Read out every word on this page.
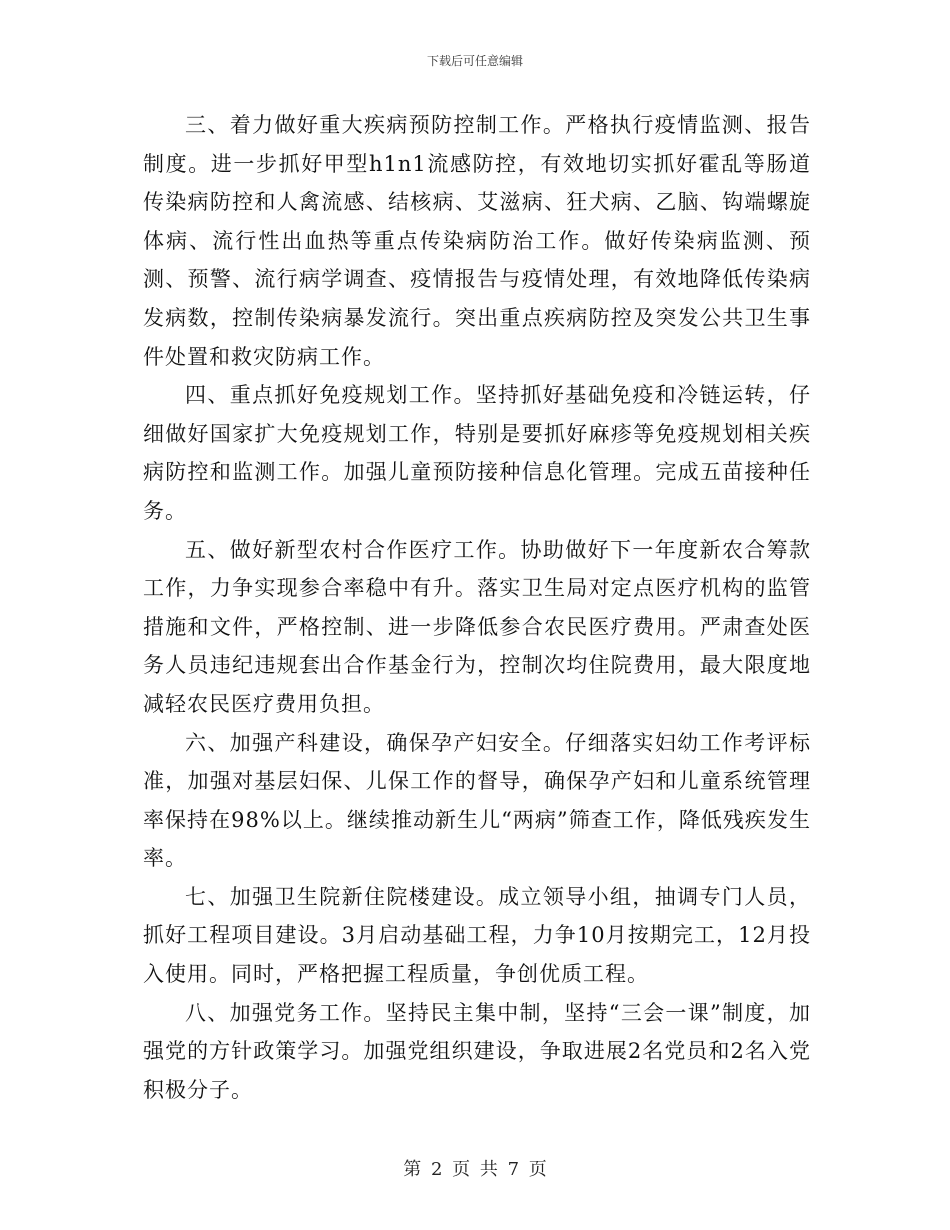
下载后可任意编辑

三、着力做好重大疾病预防控制工作。严格执行疫情监测、报告制度。进一步抓好甲型h1n1流感防控，有效地切实抓好霍乱等肠道传染病防控和人禽流感、结核病、艾滋病、狂犬病、乙脑、钩端螺旋体病、流行性出血热等重点传染病防治工作。做好传染病监测、预测、预警、流行病学调查、疫情报告与疫情处理，有效地降低传染病发病数，控制传染病暴发流行。突出重点疾病防控及突发公共卫生事件处置和救灾防病工作。

四、重点抓好免疫规划工作。坚持抓好基础免疫和冷链运转，仔细做好国家扩大免疫规划工作，特别是要抓好麻疹等免疫规划相关疾病防控和监测工作。加强儿童预防接种信息化管理。完成五苗接种任务。

五、做好新型农村合作医疗工作。协助做好下一年度新农合筹款工作，力争实现参合率稳中有升。落实卫生局对定点医疗机构的监管措施和文件，严格控制、进一步降低参合农民医疗费用。严肃查处医务人员违纪违规套出合作基金行为，控制次均住院费用，最大限度地减轻农民医疗费用负担。

六、加强产科建设，确保孕产妇安全。仔细落实妇幼工作考评标准，加强对基层妇保、儿保工作的督导，确保孕产妇和儿童系统管理率保持在98%以上。继续推动新生儿“两病”筛查工作，降低残疾发生率。

七、加强卫生院新住院楼建设。成立领导小组，抽调专门人员，抓好工程项目建设。3月启动基础工程，力争10月按期完工，12月投入使用。同时，严格把握工程质量，争创优质工程。

八、加强党务工作。坚持民主集中制，坚持“三会一课”制度，加强党的方针政策学习。加强党组织建设，争取进展2名党员和2名入党积极分子。

第 2 页 共 7 页
